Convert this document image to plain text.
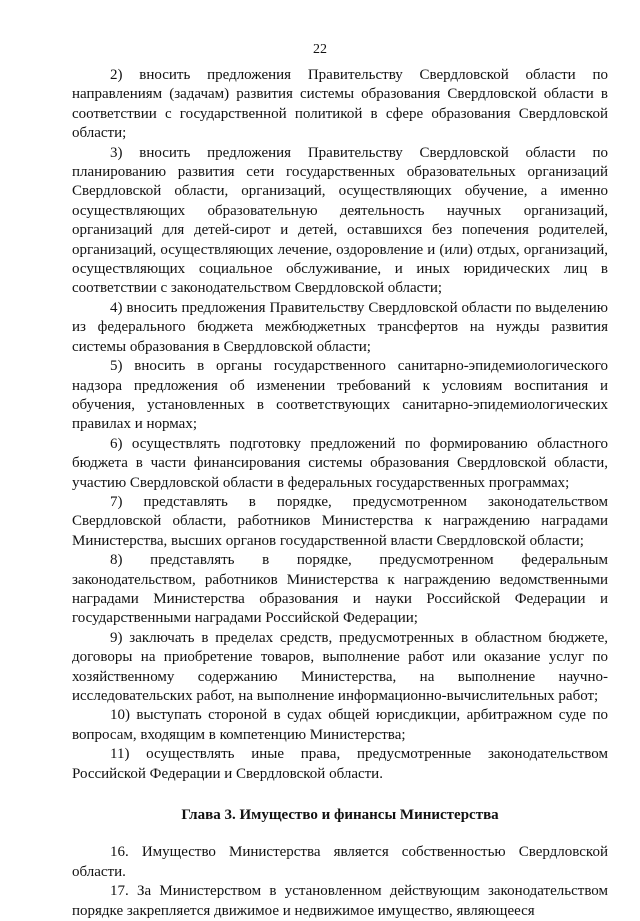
22

2) вносить предложения Правительству Свердловской области по направлениям (задачам) развития системы образования Свердловской области в соответствии с государственной политикой в сфере образования Свердловской области;

3) вносить предложения Правительству Свердловской области по планированию развития сети государственных образовательных организаций Свердловской области, организаций, осуществляющих обучение, а именно осуществляющих образовательную деятельность научных организаций, организаций для детей-сирот и детей, оставшихся без попечения родителей, организаций, осуществляющих лечение, оздоровление и (или) отдых, организаций, осуществляющих социальное обслуживание, и иных юридических лиц в соответствии с законодательством Свердловской области;

4) вносить предложения Правительству Свердловской области по выделению из федерального бюджета межбюджетных трансфертов на нужды развития системы образования в Свердловской области;

5) вносить в органы государственного санитарно-эпидемиологического надзора предложения об изменении требований к условиям воспитания и обучения, установленных в соответствующих санитарно-эпидемиологических правилах и нормах;

6) осуществлять подготовку предложений по формированию областного бюджета в части финансирования системы образования Свердловской области, участию Свердловской области в федеральных государственных программах;

7) представлять в порядке, предусмотренном законодательством Свердловской области, работников Министерства к награждению наградами Министерства, высших органов государственной власти Свердловской области;

8) представлять в порядке, предусмотренном федеральным законодательством, работников Министерства к награждению ведомственными наградами Министерства образования и науки Российской Федерации и государственными наградами Российской Федерации;

9) заключать в пределах средств, предусмотренных в областном бюджете, договоры на приобретение товаров, выполнение работ или оказание услуг по хозяйственному содержанию Министерства, на выполнение научно-исследовательских работ, на выполнение информационно-вычислительных работ;

10) выступать стороной в судах общей юрисдикции, арбитражном суде по вопросам, входящим в компетенцию Министерства;

11) осуществлять иные права, предусмотренные законодательством Российской Федерации и Свердловской области.

Глава 3. Имущество и финансы Министерства

16. Имущество Министерства является собственностью Свердловской области.

17. За Министерством в установленном действующим законодательством порядке закрепляется движимое и недвижимое имущество, являющееся
